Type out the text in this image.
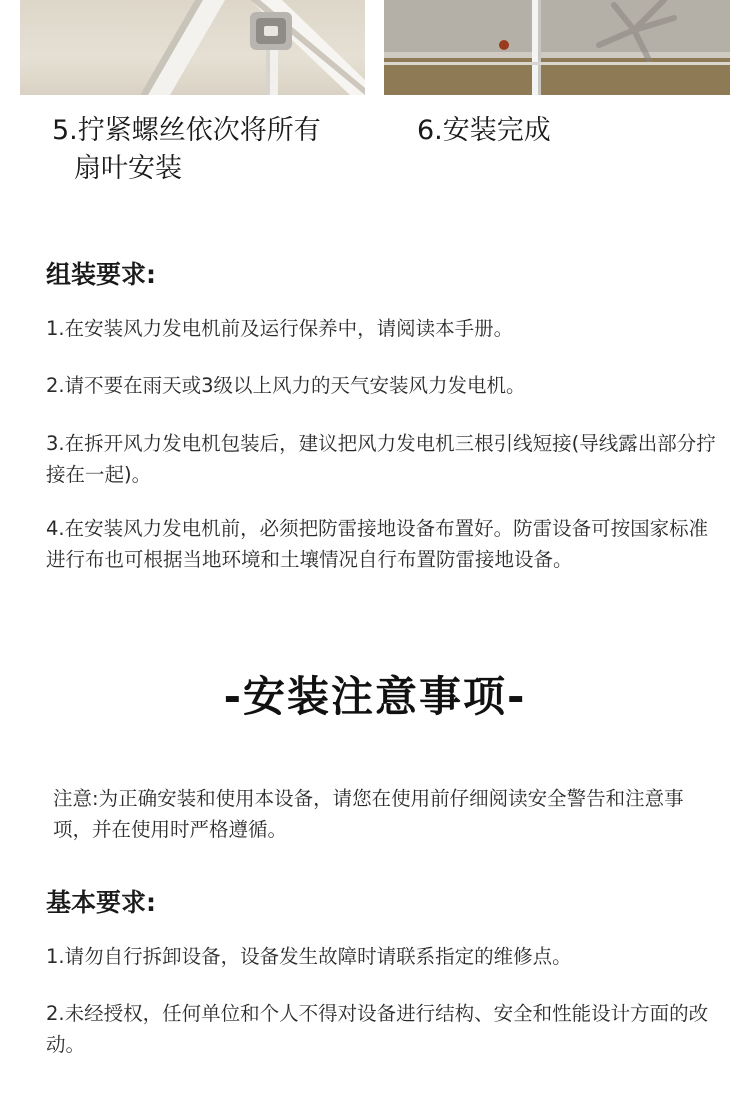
5.拧紧螺丝依次将所有
扇叶安装

6.安装完成

组装要求:

1.在安装风力发电机前及运行保养中，请阅读本手册。

2.请不要在雨天或3级以上风力的天气安装风力发电机。

3.在拆开风力发电机包装后，建议把风力发电机三根引线短接(导线露出部分拧接在一起)。

4.在安装风力发电机前，必须把防雷接地设备布置好。防雷设备可按国家标准进行布也可根据当地环境和土壤情况自行布置防雷接地设备。

-安装注意事项-

注意:为正确安装和使用本设备，请您在使用前仔细阅读安全警告和注意事项，并在使用时严格遵循。

基本要求:

1.请勿自行拆卸设备，设备发生故障时请联系指定的维修点。

2.未经授权，任何单位和个人不得对设备进行结构、安全和性能设计方面的改动。
